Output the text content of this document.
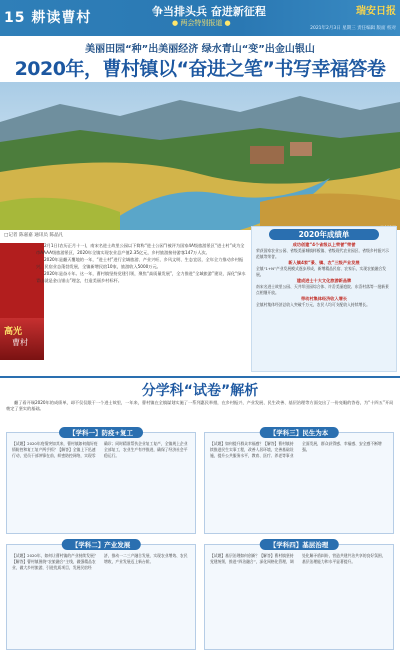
15 耕读曹村	争当排头兵 奋进新征程
● 两会特别报道 ●
瑞安日报
2021年2月3日 星期三 责任编辑 版面 校对
美丽田园“种”出美丽经济 绿水青山“变”出金山银山
2020年，曹村镇以“奋进之笔”书写幸福答卷
□记者 陈嘉嘉 通讯员 陈晶凡
高光
曹村

2月1日(农历正月十一)，南宋名进士故里公园以下简称“进士公园”)被评为国家4A级旅游景区“进士村”成为全市AAAA级旅游景区，2020年全镇实现农业总产值2.35亿元，乡村旅游接待游客147万人次。

2020年是翻天覆地的一年，“进士村”进行全域旅游、产业兴旺、乡风文明、生态宜居，全年全力推动乡村振兴，民宿业态蓬勃发展，全镇新增民宿10家，旅游收入5000万元。

2020年是奋斗年。这一年，曹村镇坚持党建引领，聚焦“高质量发展”，全力推进“全域旅游”建设，深化“绿水青山就是金山银山”理念，打造美丽乡村标杆。

2020年成绩单
成功创建“4个省级以上荣誉”荣誉
荣获国家农业公园、省级美丽城镇样板镇、省级现代农业园区、省级乡村振兴示范镇等荣誉。
新入镇4家“景、镇、农”三级产业发展
全镇“1+N”产业发展模式逐步形成，新增精品民宿、农家乐，实现农旅融合发展。
建成进士十大文化旅游新品牌
南宋名进士故里公园、天井垟田园综合体、许岙美丽庭院、东岙村落等一批新景点相继开放。
带动村集体经济收入增长
全镇村集体经济总收入突破千万元，农民人均可支配收入持续增长。
分学科“试卷”解析
翻了看开瑞2020年的成绩单，却不仅仅限于一个进士故里，一年来，曹村镇在全镇谋划实施了一系列惠民举措，在乡村振兴、产业发展、民生改善、基层治理等方面交出了一份亮眼的答卷，为“十四五”开局奠定了坚实的基础。
【学科一】防疫+复工
【试题】2020年疫情突如其来，曹村镇如何做好疫情防控和复工复产两手抓？【解答】全镇上下迅速行动，党员干部冲锋在前，织密防控网络，实现零确诊；同时精准帮扶企业复工复产，全镇规上企业全部复工，农业生产有序推进，确保了经济社会平稳运行。
【学科三】民生为本
【试题】如何提升群众幸福感？【解答】曹村镇持续推进民生实事工程，改善人居环境，完善基础设施，提升公共服务水平，教育、医疗、养老等事业全面发展，群众获得感、幸福感、安全感不断增强。
【学科二】产业发展
【试题】2020年，如何让曹村镇的产业持续发展？【解答】曹村镇围绕“农旅融合”主线，做强精品农业，做大乡村旅游，引进优质项目，发展民宿经济，推动一二三产融合发展，实现农业增效、农民增收，产业发展迈上新台阶。
【学科四】基层治理
【试题】基层治理如何创新？【解答】曹村镇坚持党建统领，推进“四治融合”，深化网格化管理，调处化解矛盾纠纷，营造共建共治共享的良好氛围，基层治理能力和水平显著提升。
